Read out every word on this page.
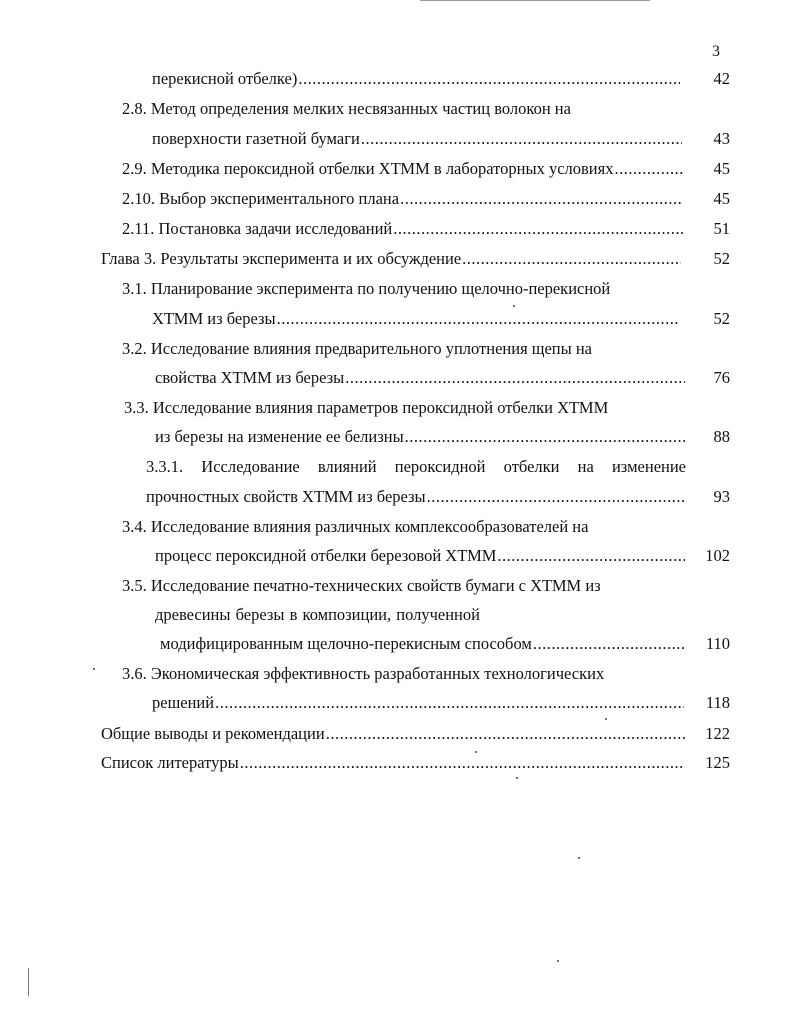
3
перекисной отбелке) .....	42
2.8. Метод определения мелких несвязанных частиц волокон на
поверхности газетной бумаги .....	43
2.9. Методика пероксидной отбелки ХТММ в лабораторных условиях .....	45
2.10. Выбор экспериментального плана .....	45
2.11. Постановка задачи исследований .....	51
Глава 3. Результаты эксперимента и их обсуждение .....	52
3.1. Планирование эксперимента по получению щелочно-перекисной
ХТММ из березы .....	52
3.2. Исследование влияния предварительного уплотнения щепы на
свойства ХТММ из березы .....	76
3.3. Исследование влияния параметров пероксидной отбелки ХТММ
из березы на изменение ее белизны .....	88
3.3.1. Исследование влияний пероксидной отбелки на изменение
прочностных свойств ХТММ из березы .....	93
3.4. Исследование влияния различных комплексообразователей на
процесс пероксидной отбелки березовой ХТММ .....	102
3.5. Исследование печатно-технических свойств бумаги с ХТММ из
древесины березы в композиции, полученной
модифицированным щелочно-перекисным способом .....	110
3.6. Экономическая эффективность разработанных технологических
решений .....	118
Общие выводы и рекомендации .....	122
Список литературы .....	125
